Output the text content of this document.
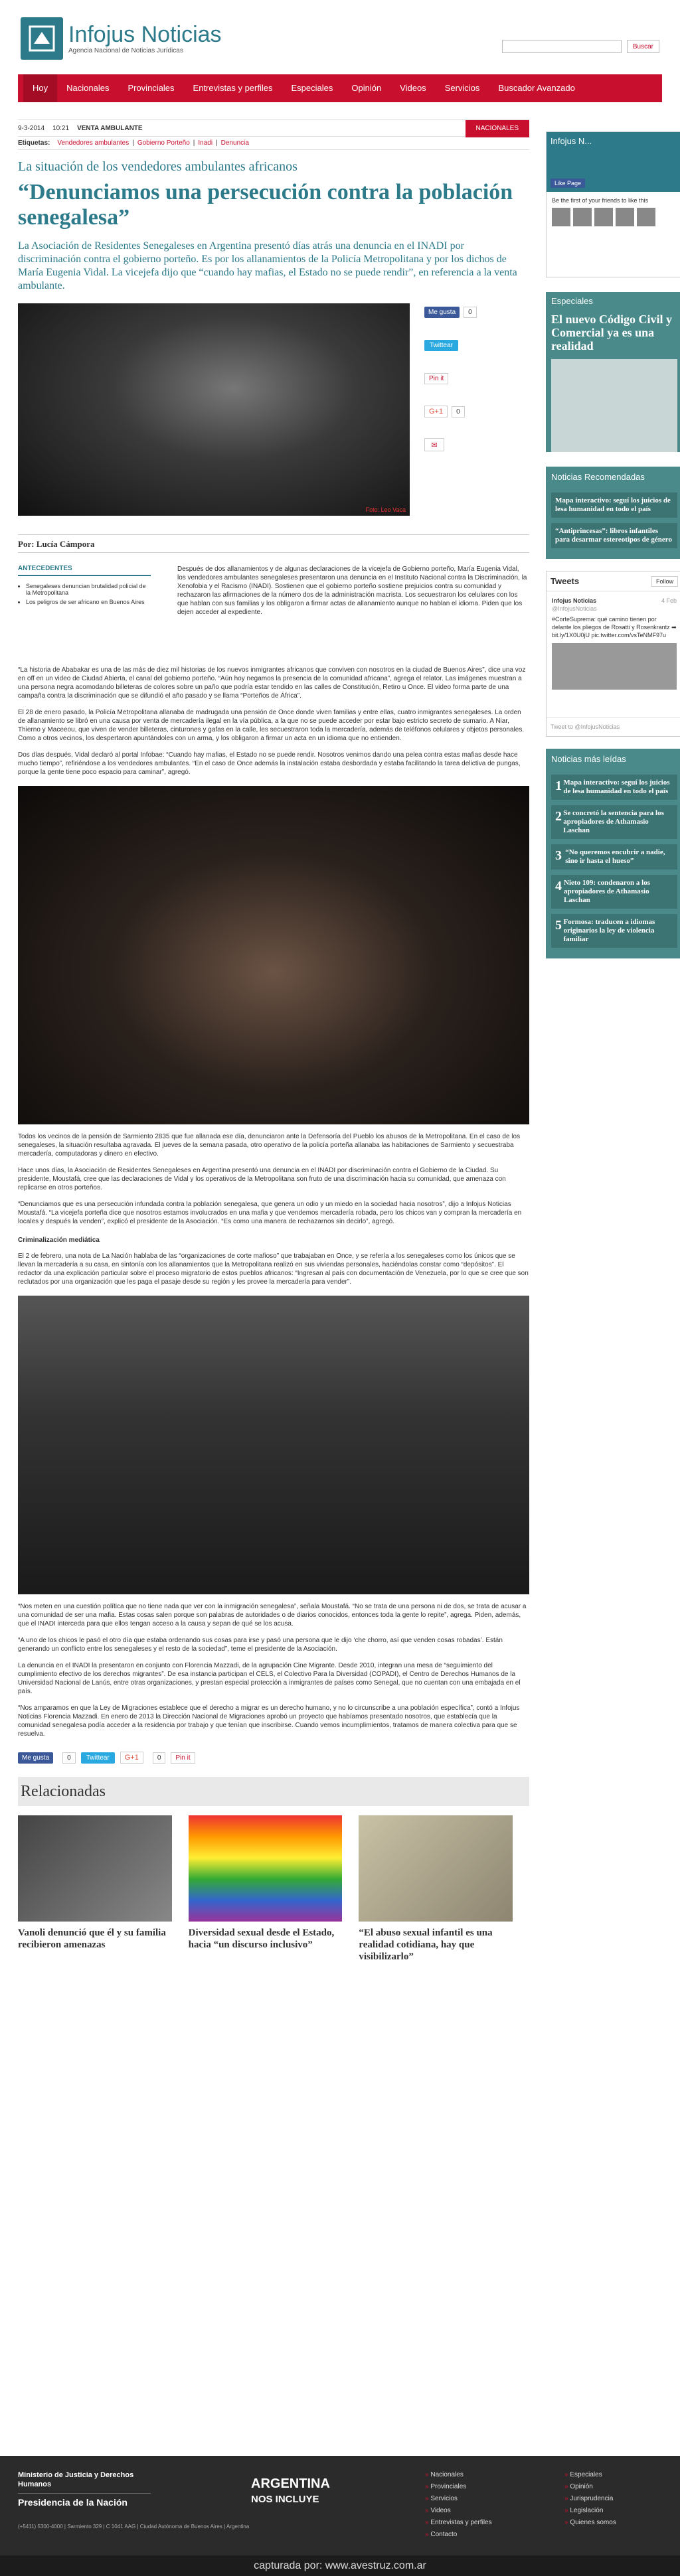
Infojus Noticias
Agencia Nacional de Noticias Jurídicas
Buscar
Hoy	Nacionales	Provinciales	Entrevistas y perfiles	Especiales	Opinión	Videos	Servicios	Buscador Avanzado
9-3-2014 10:21 VENTA AMBULANTE	NACIONALES
Etiquetas: Vendedores ambulantes | Gobierno Porteño | Inadi | Denuncia
La situación de los vendedores ambulantes africanos
“Denunciamos una persecución contra la población senegalesa”
La Asociación de Residentes Senegaleses en Argentina presentó días atrás una denuncia en el INADI por discriminación contra el gobierno porteño. Es por los allanamientos de la Policía Metropolitana y por los dichos de María Eugenia Vidal. La vicejefa dijo que “cuando hay mafias, el Estado no se puede rendir”, en referencia a la venta ambulante.
Foto: Leo Vaca
Me gusta	0
Twittear
Pin it
G+1	0
✉
Por: Lucía Cámpora
ANTECEDENTES
• Senegaleses denuncian brutalidad policial de la Metropolitana
• Los peligros de ser africano en Buenos Aires
Después de dos allanamientos y de algunas declaraciones de la vicejefa de Gobierno porteño, María Eugenia Vidal, los vendedores ambulantes senegaleses presentaron una denuncia en el Instituto Nacional contra la Discriminación, la Xenofobia y el Racismo (INADI). Sostienen que el gobierno porteño sostiene prejuicios contra su comunidad y rechazaron las afirmaciones de la número dos de la administración macrista. Los secuestraron los celulares con los que hablan con sus familias y los obligaron a firmar actas de allanamiento aunque no hablan el idioma. Piden que los dejen acceder al expediente.
“La historia de Ababakar es una de las más de diez mil historias de los nuevos inmigrantes africanos que conviven con nosotros en la ciudad de Buenos Aires”, dice una voz en off en un video de Ciudad Abierta, el canal del gobierno porteño. “Aún hoy negamos la presencia de la comunidad africana”, agrega el relator. Las imágenes muestran a una persona negra acomodando billeteras de colores sobre un paño que podría estar tendido en las calles de Constitución, Retiro u Once. El video forma parte de una campaña contra la discriminación que se difundió el año pasado y se llama “Porteños de África”.
El 28 de enero pasado, la Policía Metropolitana allanaba de madrugada una pensión de Once donde viven familias y entre ellas, cuatro inmigrantes senegaleses. La orden de allanamiento se libró en una causa por venta de mercadería ilegal en la vía pública, a la que no se puede acceder por estar bajo estricto secreto de sumario. A Niar, Thierno y Maceeou, que viven de vender billeteras, cinturones y gafas en la calle, les secuestraron toda la mercadería, además de teléfonos celulares y objetos personales. Como a otros vecinos, los despertaron apuntándoles con un arma, y los obligaron a firmar un acta en un idioma que no entienden.
Dos días después, Vidal declaró al portal Infobae: “Cuando hay mafias, el Estado no se puede rendir. Nosotros venimos dando una pelea contra estas mafias desde hace mucho tiempo”, refiriéndose a los vendedores ambulantes. “En el caso de Once además la instalación estaba desbordada y estaba facilitando la tarea delictiva de pungas, porque la gente tiene poco espacio para caminar”, agregó.
Todos los vecinos de la pensión de Sarmiento 2835 que fue allanada ese día, denunciaron ante la Defensoría del Pueblo los abusos de la Metropolitana. En el caso de los senegaleses, la situación resultaba agravada. El jueves de la semana pasada, otro operativo de la policía porteña allanaba las habitaciones de Sarmiento y secuestraba mercadería, computadoras y dinero en efectivo.
Hace unos días, la Asociación de Residentes Senegaleses en Argentina presentó una denuncia en el INADI por discriminación contra el Gobierno de la Ciudad. Su presidente, Moustafá, cree que las declaraciones de Vidal y los operativos de la Metropolitana son fruto de una discriminación hacia su comunidad, que amenaza con replicarse en otros porteños.
“Denunciamos que es una persecución infundada contra la población senegalesa, que genera un odio y un miedo en la sociedad hacia nosotros”, dijo a Infojus Noticias Moustafá. “La vicejefa porteña dice que nosotros estamos involucrados en una mafia y que vendemos mercadería robada, pero los chicos van y compran la mercadería en locales y después la venden”, explicó el presidente de la Asociación. “Es como una manera de rechazarnos sin decirlo”, agregó.
Criminalización mediática
El 2 de febrero, una nota de La Nación hablaba de las “organizaciones de corte mafioso” que trabajaban en Once, y se refería a los senegaleses como los únicos que se llevan la mercadería a su casa, en sintonía con los allanamientos que la Metropolitana realizó en sus viviendas personales, haciéndolas constar como “depósitos”. El redactor da una explicación particular sobre el proceso migratorio de estos pueblos africanos: “Ingresan al país con documentación de Venezuela, por lo que se cree que son reclutados por una organización que les paga el pasaje desde su región y les provee la mercadería para vender”.
“Nos meten en una cuestión política que no tiene nada que ver con la inmigración senegalesa”, señala Moustafá. “No se trata de una persona ni de dos, se trata de acusar a una comunidad de ser una mafia. Estas cosas salen porque son palabras de autoridades o de diarios conocidos, entonces toda la gente lo repite”, agrega. Piden, además, que el INADI interceda para que ellos tengan acceso a la causa y sepan de qué se los acusa.
“A uno de los chicos le pasó el otro día que estaba ordenando sus cosas para irse y pasó una persona que le dijo ‘che chorro, así que venden cosas robadas’. Están generando un conflicto entre los senegaleses y el resto de la sociedad”, teme el presidente de la Asociación.
La denuncia en el INADI la presentaron en conjunto con Florencia Mazzadi, de la agrupación Cine Migrante. Desde 2010, integran una mesa de “seguimiento del cumplimiento efectivo de los derechos migrantes”. De esa instancia participan el CELS, el Colectivo Para la Diversidad (COPADI), el Centro de Derechos Humanos de la Universidad Nacional de Lanús, entre otras organizaciones, y prestan especial protección a inmigrantes de países como Senegal, que no cuentan con una embajada en el país.
“Nos amparamos en que la Ley de Migraciones establece que el derecho a migrar es un derecho humano, y no lo circunscribe a una población específica”, contó a Infojus Noticias Florencia Mazzadi. En enero de 2013 la Dirección Nacional de Migraciones aprobó un proyecto que habíamos presentado nosotros, que establecía que la comunidad senegalesa podía acceder a la residencia por trabajo y que tenían que inscribirse. Cuando vemos incumplimientos, tratamos de manera colectiva para que se resuelva.
Me gusta	0	Twittear	G+1	0	Pin it
Relacionadas
Vanoli denunció que él y su familia recibieron amenazas
Diversidad sexual desde el Estado, hacia “un discurso inclusivo”
“El abuso sexual infantil es una realidad cotidiana, hay que visibilizarlo”
Infojus N...
Like Page
Be the first of your friends to like this
Especiales
El nuevo Código Civil y Comercial ya es una realidad
Noticias Recomendadas
Mapa interactivo: seguí los juicios de lesa humanidad en todo el país
“Antiprincesas”: libros infantiles para desarmar estereotipos de género
Tweets	Follow
Infojus Noticias	4 Feb
@InfojusNoticias
#CorteSuprema: qué camino tienen por delante los pliegos de Rosatti y Rosenkrantz ➡ bit.ly/1X0U0jU pic.twitter.com/vsTeNMF97u
Tweet to @InfojusNoticias
Noticias más leídas
1 Mapa interactivo: seguí los juicios de lesa humanidad en todo el país
2 Se concretó la sentencia para los apropiadores de Athamasio Laschan
3 “No queremos encubrir a nadie, sino ir hasta el hueso”
4 Nieto 109: condenaron a los apropiadores de Athamasio Laschan
5 Formosa: traducen a idiomas originarios la ley de violencia familiar
Ministerio de Justicia y Derechos Humanos
Presidencia de la Nación
(+5411) 5300-4000 | Sarmiento 329 | C 1041 AAG | Ciudad Autónoma de Buenos Aires | Argentina
ARGENTINA
NOS INCLUYE
» Nacionales
» Provinciales
» Servicios
» Videos
» Entrevistas y perfiles
» Contacto
» Especiales
» Opinión
» Jurisprudencia
» Legislación
» Quienes somos
capturada por: www.avestruz.com.ar
